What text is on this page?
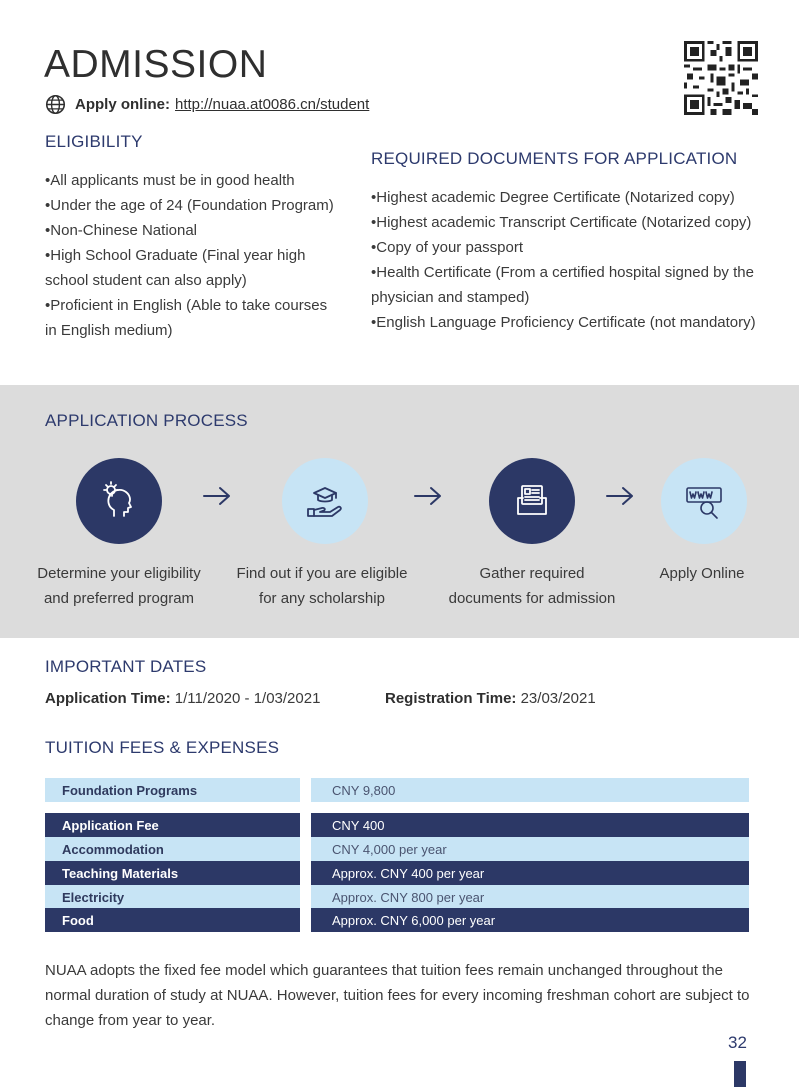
ADMISSION
Apply online: http://nuaa.at0086.cn/student
ELIGIBILITY
• All applicants must be in good health
• Under the age of 24 (Foundation Program)
• Non-Chinese National
• High School Graduate (Final year high school student can also apply)
• Proficient in English (Able to take courses in English medium)
REQUIRED DOCUMENTS FOR APPLICATION
• Highest academic Degree Certificate (Notarized copy)
• Highest academic Transcript Certificate (Notarized copy)
• Copy of your passport
• Health Certificate (From a certified hospital signed by the physician and stamped)
• English Language Proficiency Certificate (not mandatory)
APPLICATION PROCESS
Determine your eligibility
and preferred program
Find out if you are eligible
for any scholarship
Gather required
documents for admission
Apply Online
IMPORTANT DATES
Application Time: 1/11/2020 - 1/03/2021	Registration Time: 23/03/2021
TUITION FEES & EXPENSES
Foundation Programs	CNY 9,800
Application Fee	CNY 400
Accommodation	CNY 4,000 per year
Teaching Materials	Approx. CNY 400 per year
Electricity	Approx. CNY 800 per year
Food	Approx. CNY 6,000 per year
NUAA adopts the fixed fee model which guarantees that tuition fees remain unchanged throughout the normal duration of study at NUAA. However, tuition fees for every incoming freshman cohort are subject to change from year to year.
32
